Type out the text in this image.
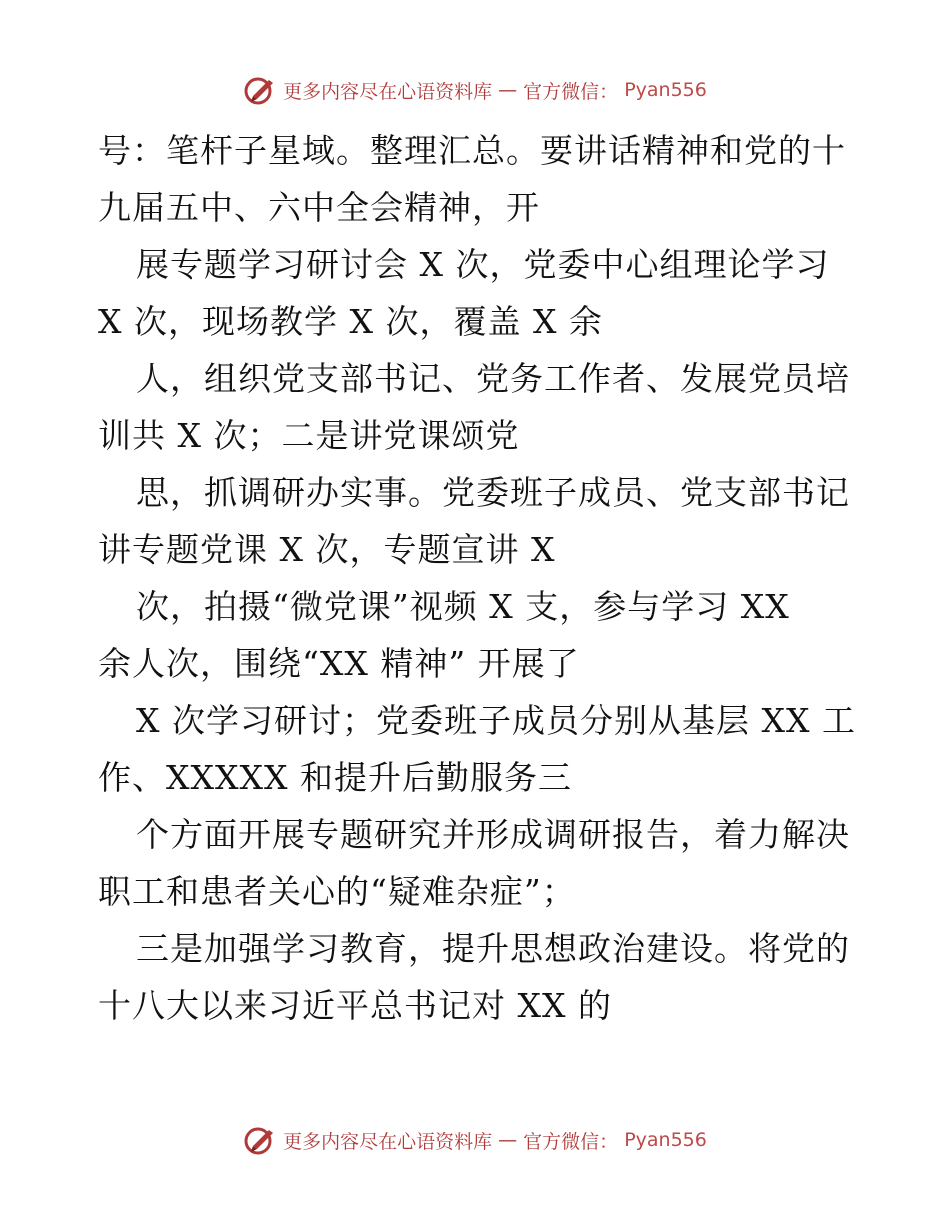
更多内容尽在心语资料库 — 官方微信： Pyan556
号：笔杆子星域。整理汇总。要讲话精神和党的十
九届五中、六中全会精神，开
展专题学习研讨会 X 次，党委中心组理论学习
X 次，现场教学 X 次，覆盖 X 余
人，组织党支部书记、党务工作者、发展党员培
训共 X 次；二是讲党课颂党
思，抓调研办实事。党委班子成员、党支部书记
讲专题党课 X 次，专题宣讲 X
次，拍摄“微党课”视频 X 支，参与学习 XX
余人次，围绕“XX 精神” 开展了
X 次学习研讨；党委班子成员分别从基层 XX 工
作、XXXXX 和提升后勤服务三
个方面开展专题研究并形成调研报告，着力解决
职工和患者关心的“疑难杂症”；
三是加强学习教育，提升思想政治建设。将党的
十八大以来习近平总书记对 XX 的
更多内容尽在心语资料库 — 官方微信： Pyan556
